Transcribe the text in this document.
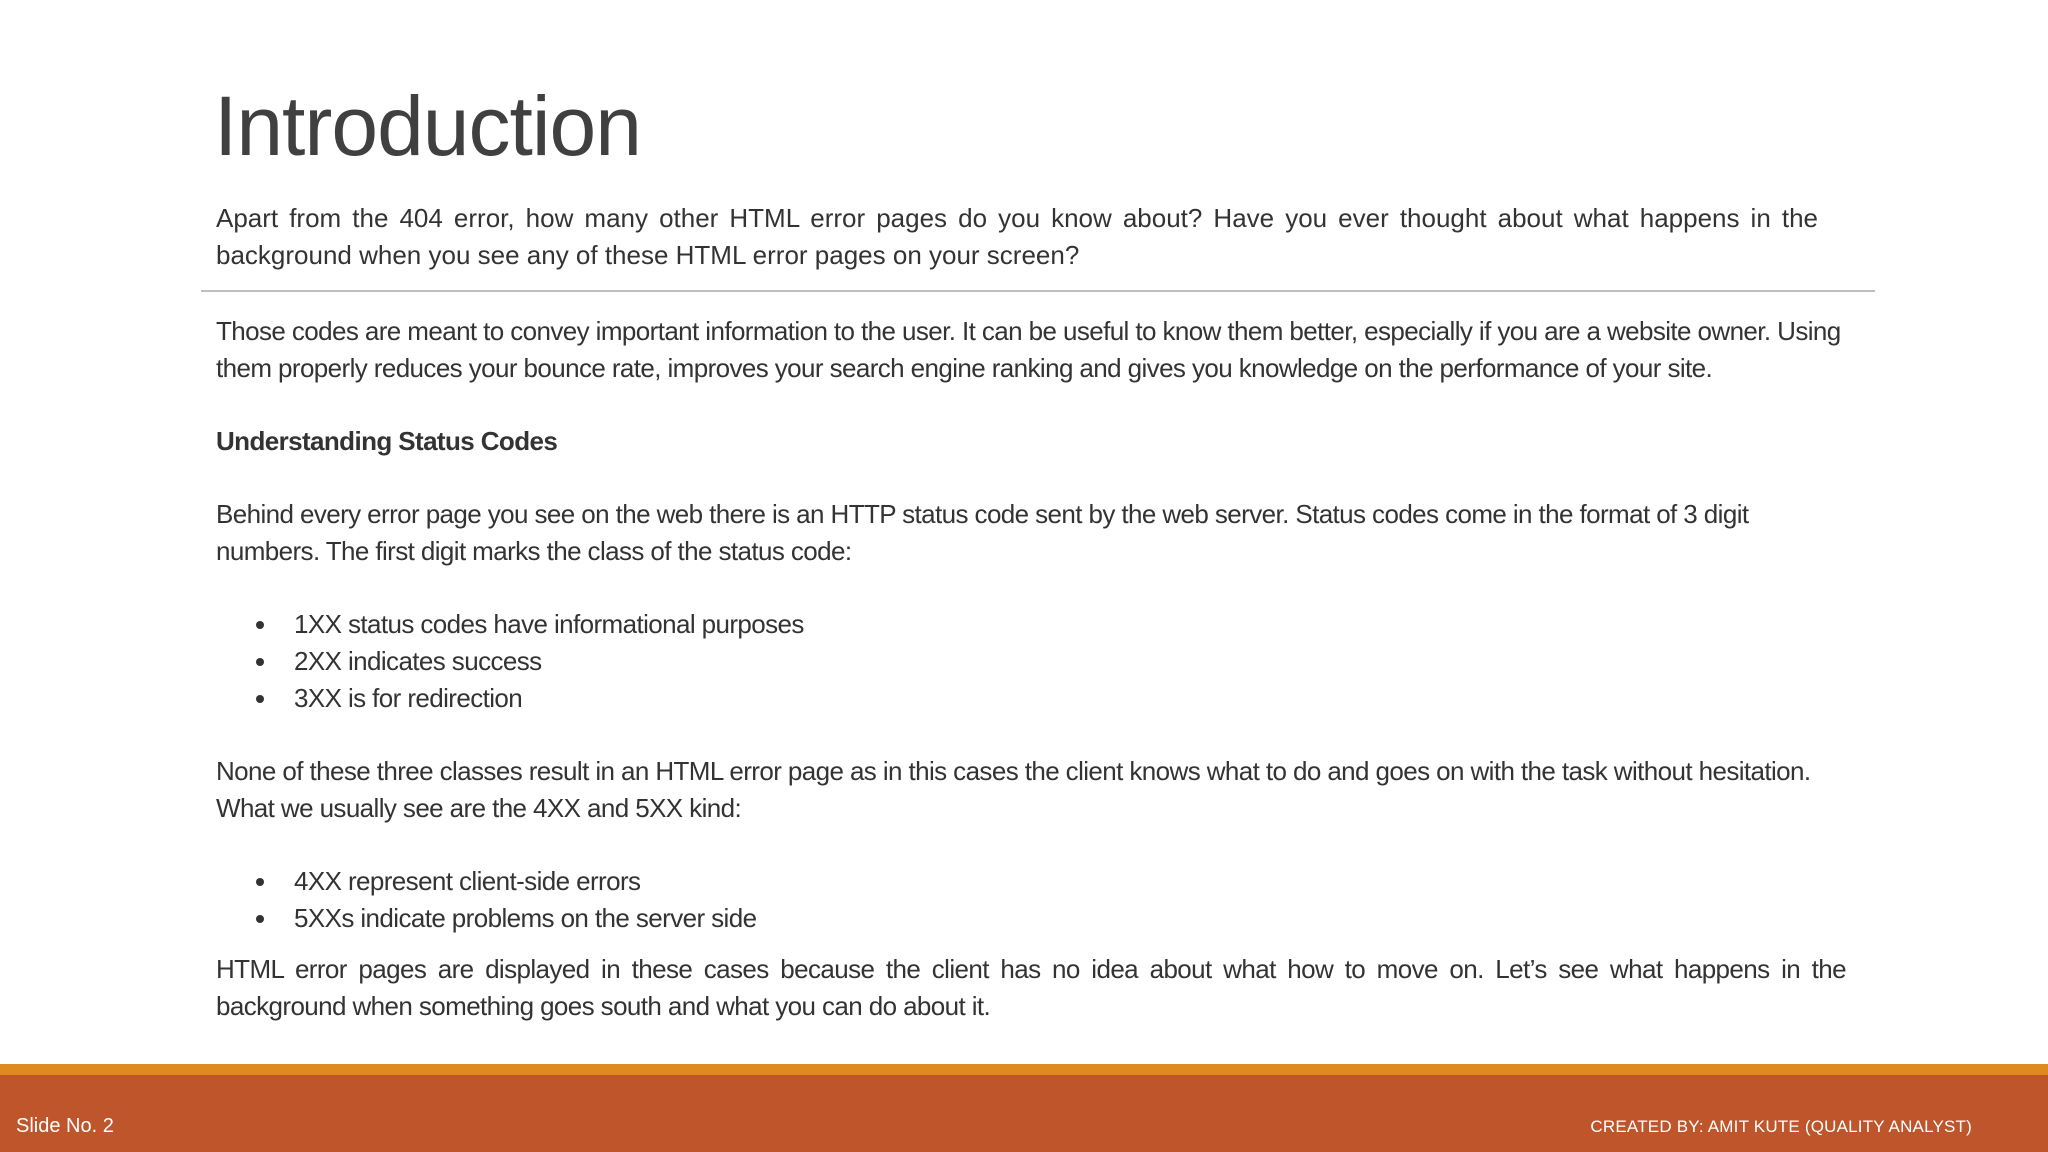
Introduction
Apart from the 404 error, how many other HTML error pages do you know about? Have you ever thought about what happens in the background when you see any of these HTML error pages on your screen?

Those codes are meant to convey important information to the user. It can be useful to know them better, especially if you are a website owner. Using them properly reduces your bounce rate, improves your search engine ranking and gives you knowledge on the performance of your site.

Understanding Status Codes

Behind every error page you see on the web there is an HTTP status code sent by the web server. Status codes come in the format of 3 digit numbers. The first digit marks the class of the status code:

1XX status codes have informational purposes
2XX indicates success
3XX is for redirection

None of these three classes result in an HTML error page as in this cases the client knows what to do and goes on with the task without hesitation. What we usually see are the 4XX and 5XX kind:

4XX represent client-side errors
5XXs indicate problems on the server side

HTML error pages are displayed in these cases because the client has no idea about what how to move on. Let’s see what happens in the background when something goes south and what you can do about it.

Slide No. 2	CREATED BY: AMIT KUTE (QUALITY ANALYST)
